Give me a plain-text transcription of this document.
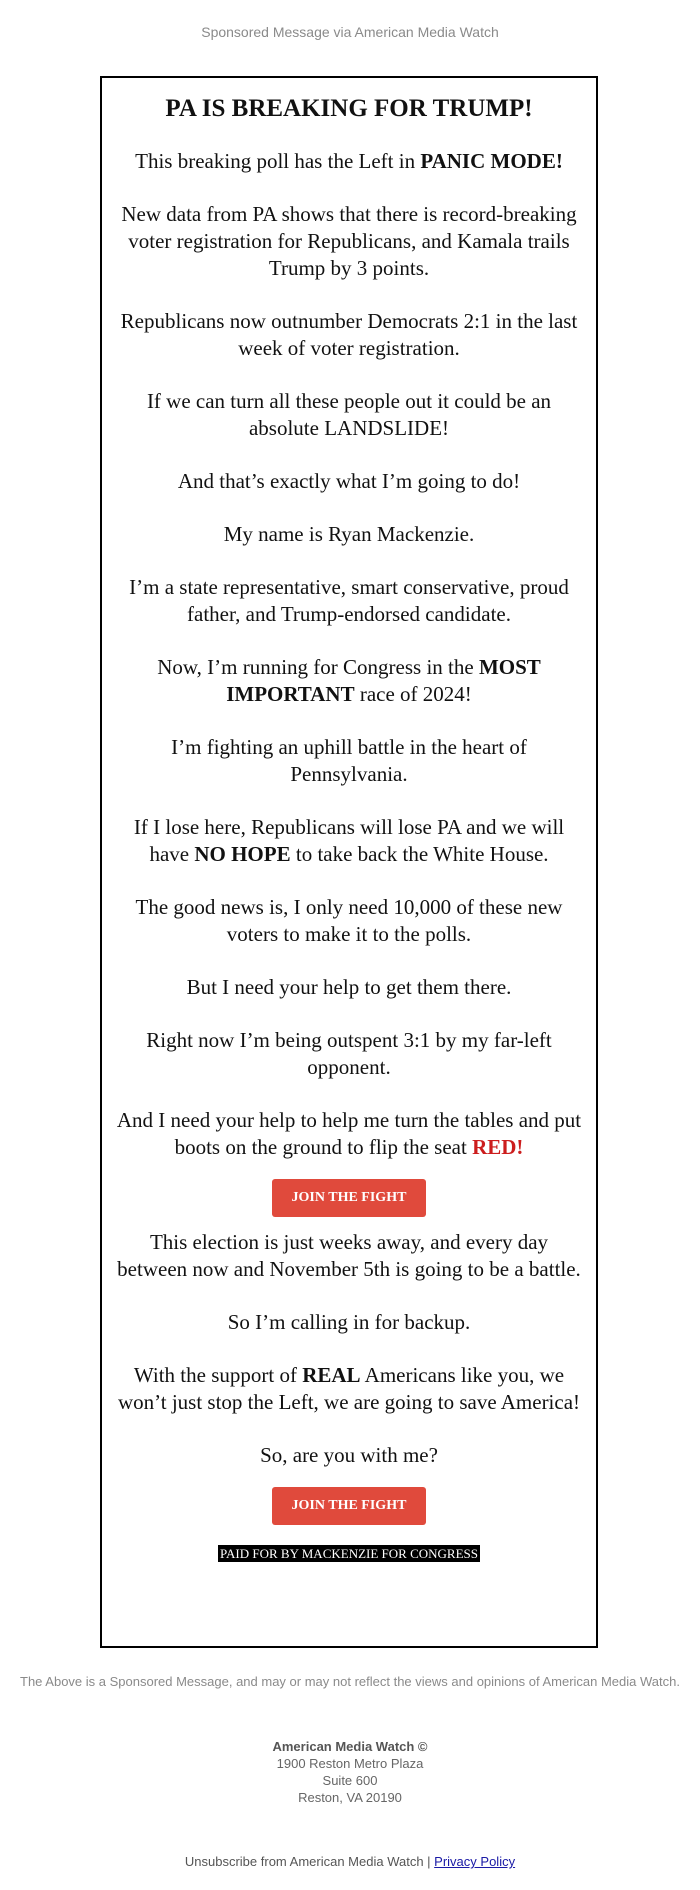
Sponsored Message via American Media Watch
PA IS BREAKING FOR TRUMP!
This breaking poll has the Left in PANIC MODE!
New data from PA shows that there is record-breaking voter registration for Republicans, and Kamala trails Trump by 3 points.
Republicans now outnumber Democrats 2:1 in the last week of voter registration.
If we can turn all these people out it could be an absolute LANDSLIDE!
And that’s exactly what I’m going to do!
My name is Ryan Mackenzie.
I’m a state representative, smart conservative, proud father, and Trump-endorsed candidate.
Now, I’m running for Congress in the MOST IMPORTANT race of 2024!
I’m fighting an uphill battle in the heart of Pennsylvania.
If I lose here, Republicans will lose PA and we will have NO HOPE to take back the White House.
The good news is, I only need 10,000 of these new voters to make it to the polls.
But I need your help to get them there.
Right now I’m being outspent 3:1 by my far-left opponent.
And I need your help to help me turn the tables and put boots on the ground to flip the seat RED!
JOIN THE FIGHT
This election is just weeks away, and every day between now and November 5th is going to be a battle.
So I’m calling in for backup.
With the support of REAL Americans like you, we won’t just stop the Left, we are going to save America!
So, are you with me?
JOIN THE FIGHT
PAID FOR BY MACKENZIE FOR CONGRESS
The Above is a Sponsored Message, and may or may not reflect the views and opinions of American Media Watch.
American Media Watch ©
1900 Reston Metro Plaza
Suite 600
Reston, VA 20190
Unsubscribe from American Media Watch | Privacy Policy
